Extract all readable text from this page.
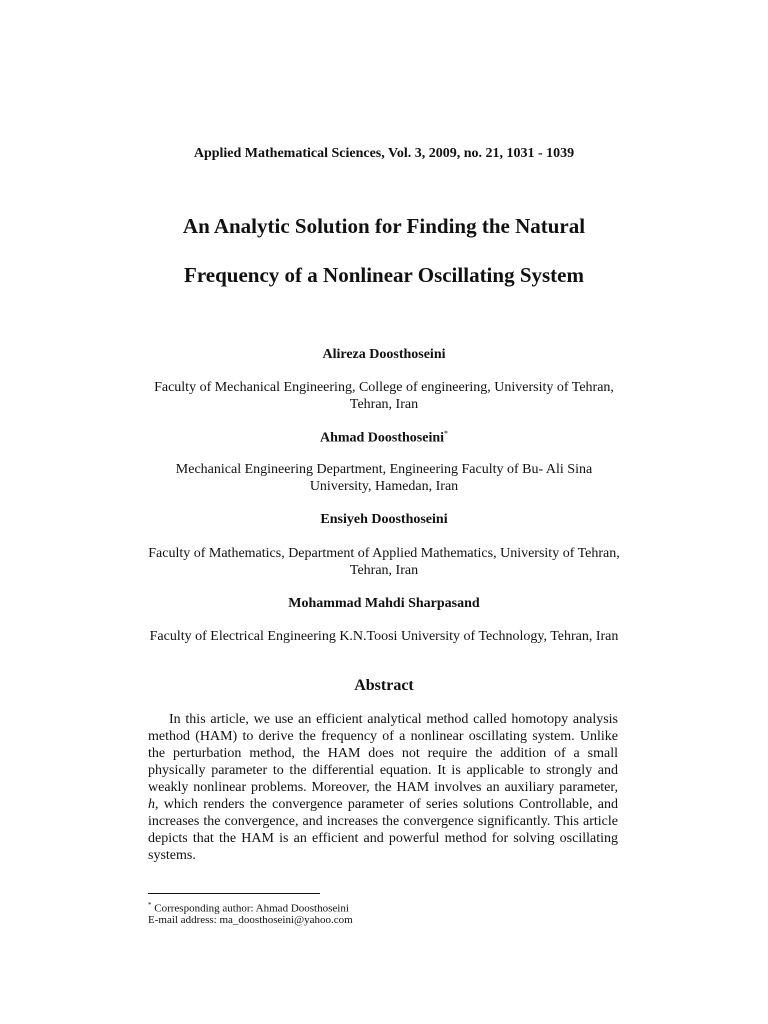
Applied Mathematical Sciences, Vol. 3, 2009, no. 21, 1031 - 1039
An Analytic Solution for Finding the Natural
Frequency of a Nonlinear Oscillating System
Alireza Doosthoseini
Faculty of Mechanical Engineering, College of engineering, University of Tehran, Tehran, Iran
Ahmad Doosthoseini*
Mechanical Engineering Department, Engineering Faculty of Bu- Ali Sina University, Hamedan, Iran
Ensiyeh Doosthoseini
Faculty of Mathematics, Department of Applied Mathematics, University of Tehran, Tehran, Iran
Mohammad Mahdi Sharpasand
Faculty of Electrical Engineering K.N.Toosi University of Technology, Tehran, Iran
Abstract

In this article, we use an efficient analytical method called homotopy analysis method (HAM) to derive the frequency of a nonlinear oscillating system. Unlike the perturbation method, the HAM does not require the addition of a small physically parameter to the differential equation. It is applicable to strongly and weakly nonlinear problems. Moreover, the HAM involves an auxiliary parameter, h, which renders the convergence parameter of series solutions Controllable, and increases the convergence, and increases the convergence significantly. This article depicts that the HAM is an efficient and powerful method for solving oscillating systems.

* Corresponding author: Ahmad Doosthoseini
E-mail address: ma_doosthoseini@yahoo.com
